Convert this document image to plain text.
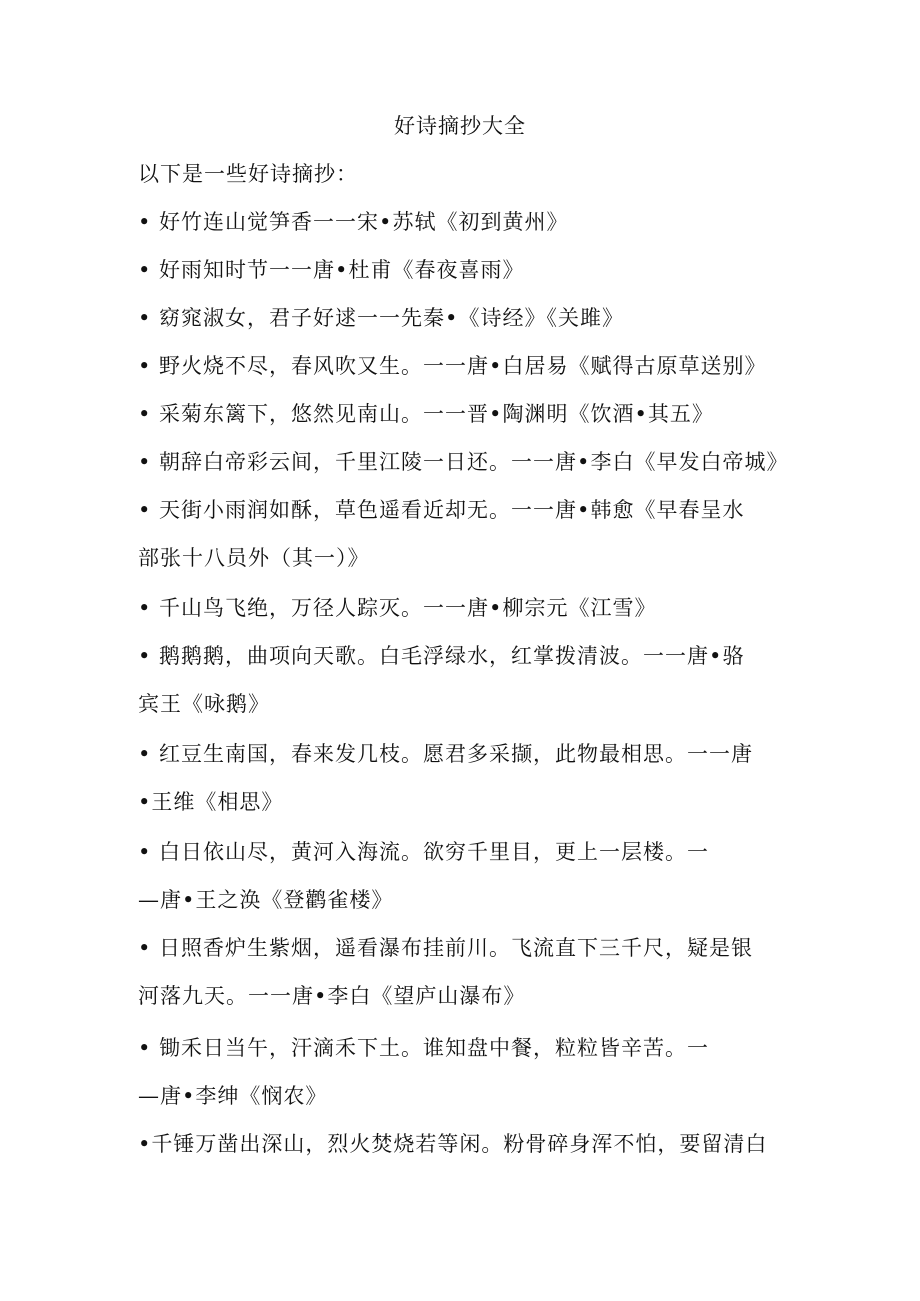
好诗摘抄大全
以下是一些好诗摘抄：
• 好竹连山觉笋香一一宋•苏轼《初到黄州》
• 好雨知时节一一唐•杜甫《春夜喜雨》
• 窈窕淑女，君子好逑一一先秦•《诗经》《关雎》
• 野火烧不尽，春风吹又生。一一唐•白居易《赋得古原草送别》
• 采菊东篱下，悠然见南山。一一晋•陶渊明《饮酒•其五》
• 朝辞白帝彩云间，千里江陵一日还。一一唐•李白《早发白帝城》
• 天街小雨润如酥，草色遥看近却无。一一唐•韩愈《早春呈水
部张十八员外（其一）》
• 千山鸟飞绝，万径人踪灭。一一唐•柳宗元《江雪》
• 鹅鹅鹅，曲项向天歌。白毛浮绿水，红掌拨清波。一一唐•骆
宾王《咏鹅》
• 红豆生南国，春来发几枝。愿君多采撷，此物最相思。一一唐
•王维《相思》
• 白日依山尽，黄河入海流。欲穷千里目，更上一层楼。一
—唐•王之涣《登鹳雀楼》
• 日照香炉生紫烟，遥看瀑布挂前川。飞流直下三千尺，疑是银
河落九天。一一唐•李白《望庐山瀑布》
• 锄禾日当午，汗滴禾下土。谁知盘中餐，粒粒皆辛苦。一
—唐•李绅《悯农》
•千锤万凿出深山，烈火焚烧若等闲。粉骨碎身浑不怕，要留清白
